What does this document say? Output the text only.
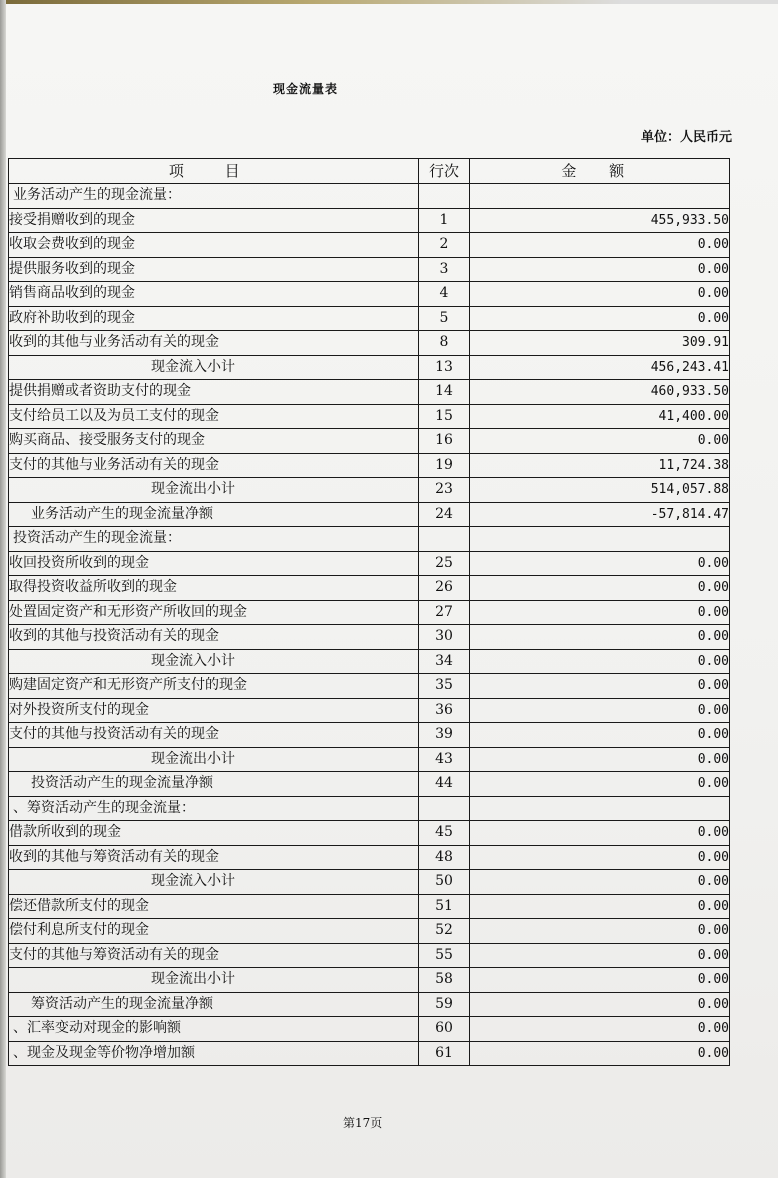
现金流量表
单位：人民币元
项 目	行次	金 额
业务活动产生的现金流量：		
接受捐赠收到的现金	1	455,933.50
收取会费收到的现金	2	0.00
提供服务收到的现金	3	0.00
销售商品收到的现金	4	0.00
政府补助收到的现金	5	0.00
收到的其他与业务活动有关的现金	8	309.91
现金流入小计	13	456,243.41
提供捐赠或者资助支付的现金	14	460,933.50
支付给员工以及为员工支付的现金	15	41,400.00
购买商品、接受服务支付的现金	16	0.00
支付的其他与业务活动有关的现金	19	11,724.38
现金流出小计	23	514,057.88
业务活动产生的现金流量净额	24	-57,814.47
投资活动产生的现金流量：		
收回投资所收到的现金	25	0.00
取得投资收益所收到的现金	26	0.00
处置固定资产和无形资产所收回的现金	27	0.00
收到的其他与投资活动有关的现金	30	0.00
现金流入小计	34	0.00
购建固定资产和无形资产所支付的现金	35	0.00
对外投资所支付的现金	36	0.00
支付的其他与投资活动有关的现金	39	0.00
现金流出小计	43	0.00
投资活动产生的现金流量净额	44	0.00
、筹资活动产生的现金流量：		
借款所收到的现金	45	0.00
收到的其他与筹资活动有关的现金	48	0.00
现金流入小计	50	0.00
偿还借款所支付的现金	51	0.00
偿付利息所支付的现金	52	0.00
支付的其他与筹资活动有关的现金	55	0.00
现金流出小计	58	0.00
筹资活动产生的现金流量净额	59	0.00
、汇率变动对现金的影响额	60	0.00
、现金及现金等价物净增加额	61	0.00
第17页
